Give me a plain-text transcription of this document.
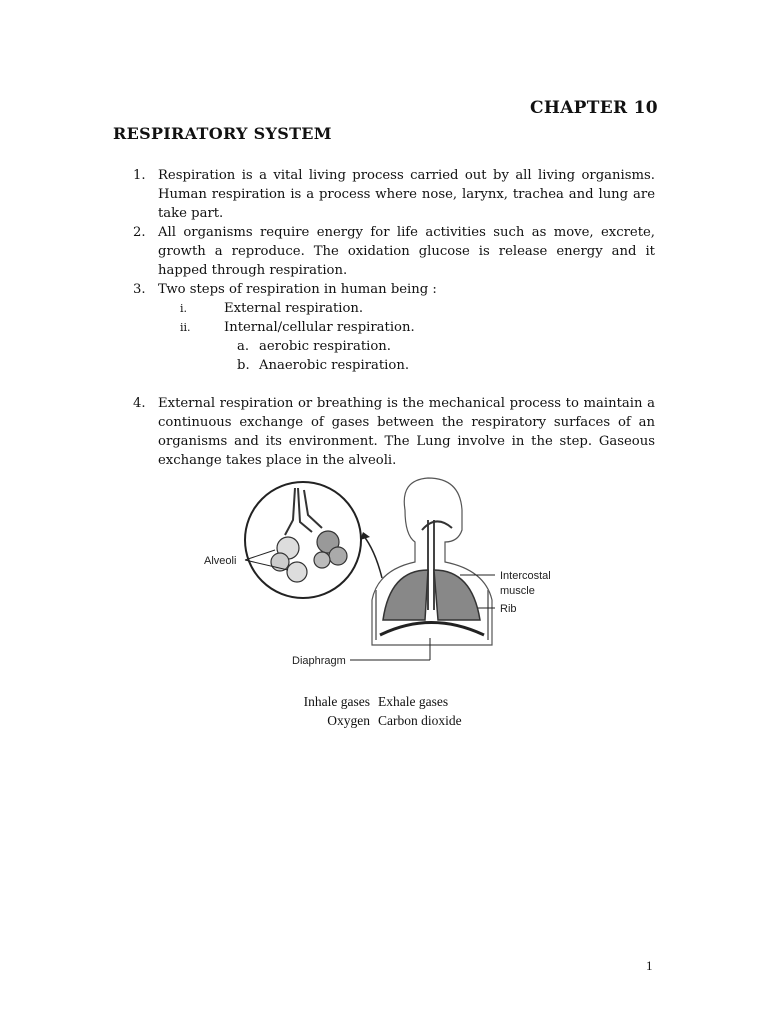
CHAPTER 10
RESPIRATORY SYSTEM
1. Respiration is a vital living process carried out by all living organisms. Human respiration is a process where nose, larynx, trachea and lung are take part.
2. All organisms require energy for life activities such as move, excrete, growth a reproduce. The oxidation glucose is release energy and it happed through respiration.
3. Two steps of respiration in human being :
i.	External respiration.
ii.	Internal/cellular respiration.
a. aerobic respiration.
b. Anaerobic respiration.
4. External respiration or breathing is the mechanical process to maintain a continuous exchange of gases between the respiratory surfaces of an organisms and its environment. The Lung involve in the step. Gaseous exchange takes place in the alveoli.
Alveoli
Intercostal
muscle
Rib
Diaphragm
Inhale gases Exhale gases
Oxygen Carbon dioxide
1
